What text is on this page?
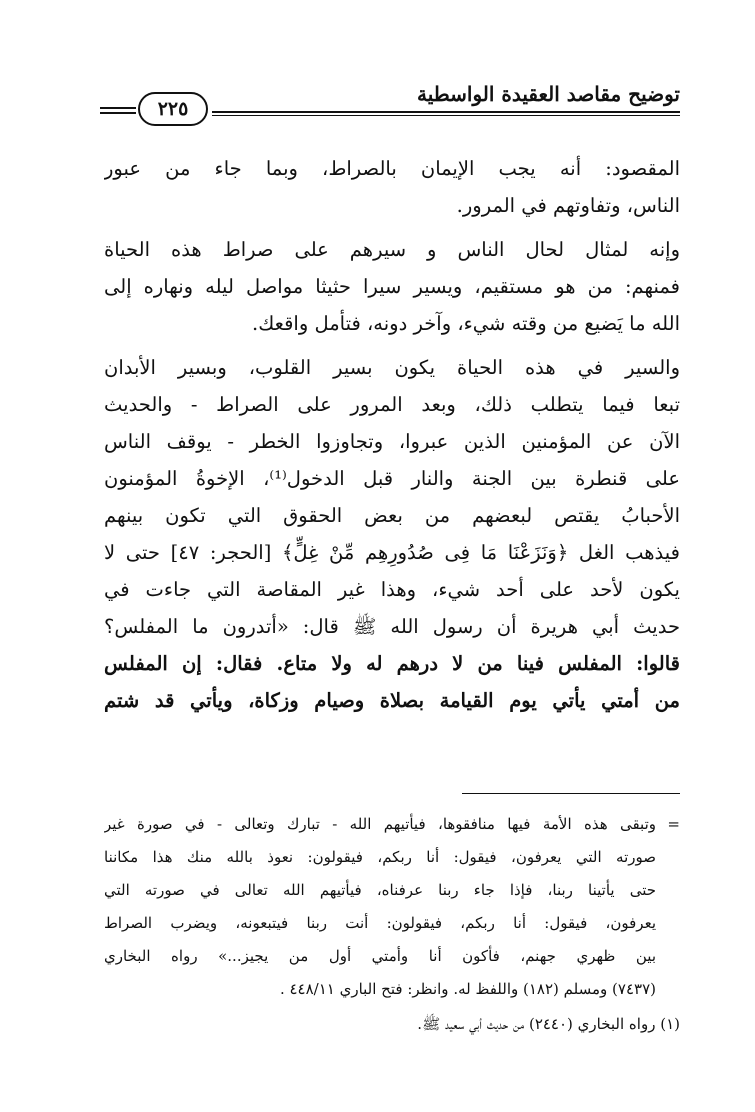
٢٢٥
توضيح مقاصد العقيدة الواسطية
المقصود: أنه يجب الإيمان بالصراط، وبما جاء من عبور
الناس، وتفاوتهم في المرور.
وإنه لمثال لحال الناس و سيرهم على صراط هذه الحياة
فمنهم: من هو مستقيم، ويسير سيرا حثيثا مواصل ليله ونهاره إلى
الله ما يَضيع من وقته شيء، وآخر دونه، فتأمل واقعك.
والسير في هذه الحياة يكون بسير القلوب، وبسير الأبدان
تبعا فيما يتطلب ذلك، وبعد المرور على الصراط - والحديث
الآن عن المؤمنين الذين عبروا، وتجاوزوا الخطر - يوقف الناس
على قنطرة بين الجنة والنار قبل الدخول⁽¹⁾، الإخوةُ المؤمنون
الأحبابُ يقتص لبعضهم من بعض الحقوق التي تكون بينهم
فيذهب الغل ﴿وَنَزَعْنَا مَا فِى صُدُورِهِم مِّنْ غِلٍّ﴾ [الحجر: ٤٧] حتى لا
يكون لأحد على أحد شيء، وهذا غير المقاصة التي جاءت في
حديث أبي هريرة أن رسول الله ﷺ قال: «أتدرون ما المفلس؟
قالوا: المفلس فينا من لا درهم له ولا متاع. فقال: إن المفلس
من أمتي يأتي يوم القيامة بصلاة وصيام وزكاة، ويأتي قد شتم
=
وتبقى هذه الأمة فيها منافقوها، فيأتيهم الله - تبارك وتعالى - في صورة غير
صورته التي يعرفون، فيقول: أنا ربكم، فيقولون: نعوذ بالله منك هذا مكاننا
حتى يأتينا ربنا، فإذا جاء ربنا عرفناه، فيأتيهم الله تعالى في صورته التي
يعرفون، فيقول: أنا ربكم، فيقولون: أنت ربنا فيتبعونه، ويضرب الصراط
بين ظهري جهنم، فأكون أنا وأمتي أول من يجيز...» رواه البخاري
(٧٤٣٧) ومسلم (١٨٢) واللفظ له. وانظر: فتح الباري ٤٤٨/١١ .
(١) رواه البخاري (٢٤٤٠) من حديث أبي سعيد ﷺ.
